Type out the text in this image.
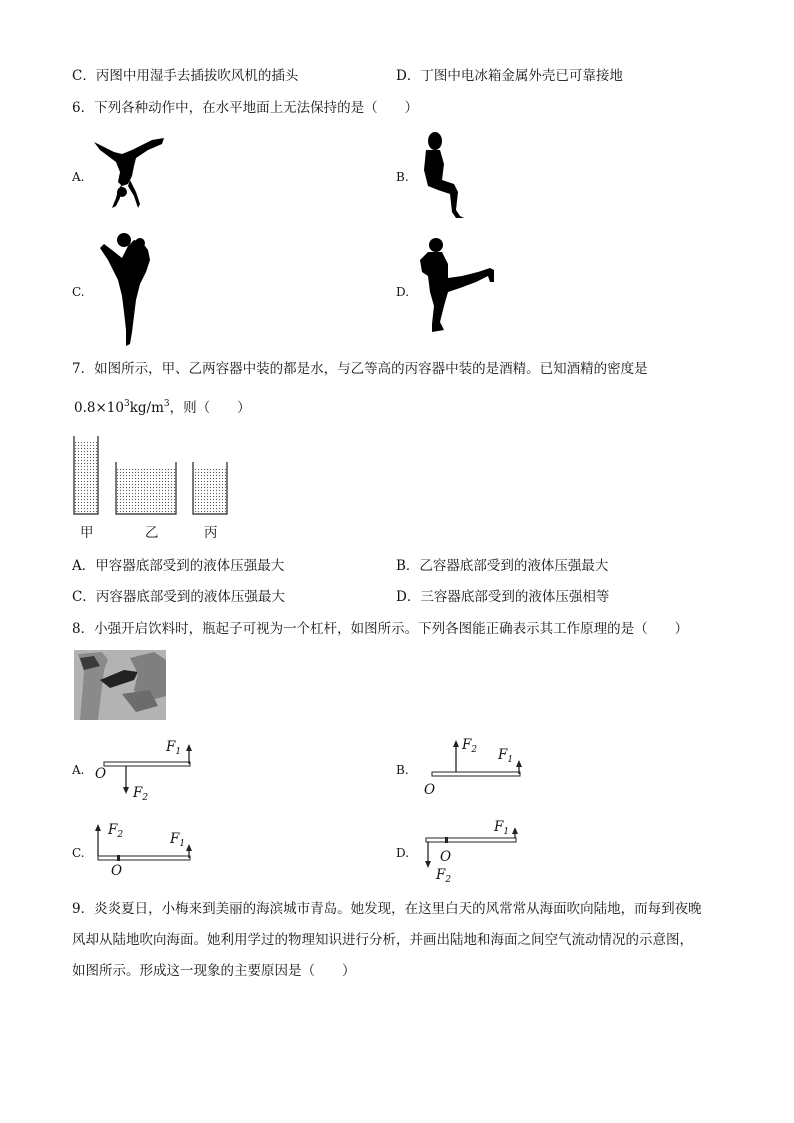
C．丙图中用湿手去插拔吹风机的插头	D．丁图中电冰箱金属外壳已可靠接地
6．下列各种动作中，在水平地面上无法保持的是（　　）
A.	B.
C.	D.
7．如图所示，甲、乙两容器中装的都是水，与乙等高的丙容器中装的是酒精。已知酒精的密度是
$0.8\times 10^3kg/m^3$，则（　　）
甲	乙	丙
A．甲容器底部受到的液体压强最大	B．乙容器底部受到的液体压强最大
C．丙容器底部受到的液体压强最大	D．三容器底部受到的液体压强相等
8．小强开启饮料时，瓶起子可视为一个杠杆，如图所示。下列各图能正确表示其工作原理的是（　　）
A.
$F_1$
O
$F_2$
B.
$F_2$ $F_1$
O
C.
$F_2$	$F_1$
O
D.
$F_1$
O
$F_2$
9．炎炎夏日，小梅来到美丽的海滨城市青岛。她发现，在这里白天的风常常从海面吹向陆地，而每到夜晚
风却从陆地吹向海面。她利用学过的物理知识进行分析，并画出陆地和海面之间空气流动情况的示意图，
如图所示。形成这一现象的主要原因是（　　）
